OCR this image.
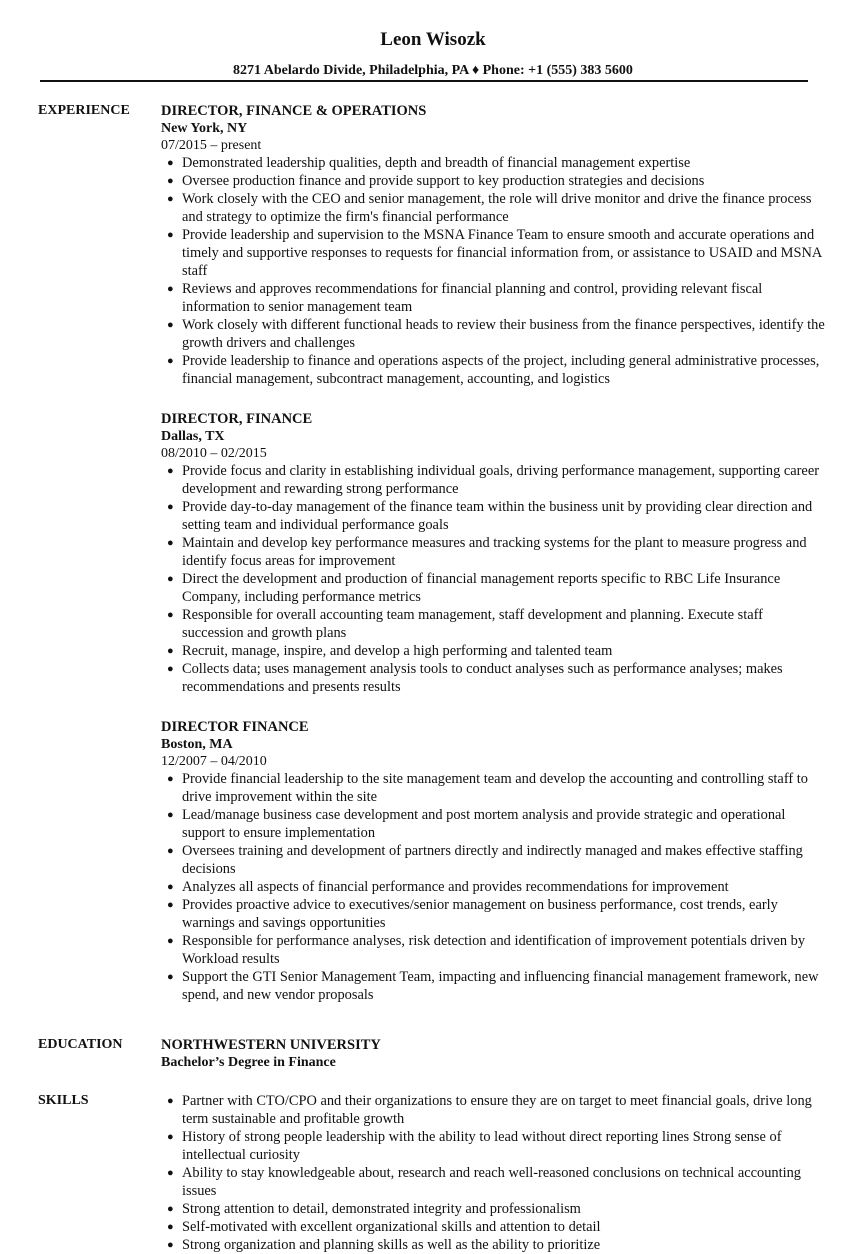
Leon Wisozk
8271 Abelardo Divide, Philadelphia, PA ♦ Phone: +1 (555) 383 5600
EXPERIENCE DIRECTOR, FINANCE & OPERATIONS
New York, NY
07/2015 – present
● Demonstrated leadership qualities, depth and breadth of financial management expertise
● Oversee production finance and provide support to key production strategies and decisions
● Work closely with the CEO and senior management, the role will drive monitor and drive the finance process and strategy to optimize the firm's financial performance
● Provide leadership and supervision to the MSNA Finance Team to ensure smooth and accurate operations and timely and supportive responses to requests for financial information from, or assistance to USAID and MSNA staff
● Reviews and approves recommendations for financial planning and control, providing relevant fiscal information to senior management team
● Work closely with different functional heads to review their business from the finance perspectives, identify the growth drivers and challenges
● Provide leadership to finance and operations aspects of the project, including general administrative processes, financial management, subcontract management, accounting, and logistics
DIRECTOR, FINANCE
Dallas, TX
08/2010 – 02/2015
● Provide focus and clarity in establishing individual goals, driving performance management, supporting career development and rewarding strong performance
● Provide day-to-day management of the finance team within the business unit by providing clear direction and setting team and individual performance goals
● Maintain and develop key performance measures and tracking systems for the plant to measure progress and identify focus areas for improvement
● Direct the development and production of financial management reports specific to RBC Life Insurance Company, including performance metrics
● Responsible for overall accounting team management, staff development and planning. Execute staff succession and growth plans
● Recruit, manage, inspire, and develop a high performing and talented team
● Collects data; uses management analysis tools to conduct analyses such as performance analyses; makes recommendations and presents results
DIRECTOR FINANCE
Boston, MA
12/2007 – 04/2010
● Provide financial leadership to the site management team and develop the accounting and controlling staff to drive improvement within the site
● Lead/manage business case development and post mortem analysis and provide strategic and operational support to ensure implementation
● Oversees training and development of partners directly and indirectly managed and makes effective staffing decisions
● Analyzes all aspects of financial performance and provides recommendations for improvement
● Provides proactive advice to executives/senior management on business performance, cost trends, early warnings and savings opportunities
● Responsible for performance analyses, risk detection and identification of improvement potentials driven by Workload results
● Support the GTI Senior Management Team, impacting and influencing financial management framework, new spend, and new vendor proposals
EDUCATION	NORTHWESTERN UNIVERSITY
Bachelor’s Degree in Finance
SKILLS	● Partner with CTO/CPO and their organizations to ensure they are on target to meet financial goals, drive long term sustainable and profitable growth
● History of strong people leadership with the ability to lead without direct reporting lines Strong sense of intellectual curiosity
● Ability to stay knowledgeable about, research and reach well-reasoned conclusions on technical accounting issues
● Strong attention to detail, demonstrated integrity and professionalism
● Self-motivated with excellent organizational skills and attention to detail
● Strong organization and planning skills as well as the ability to prioritize
